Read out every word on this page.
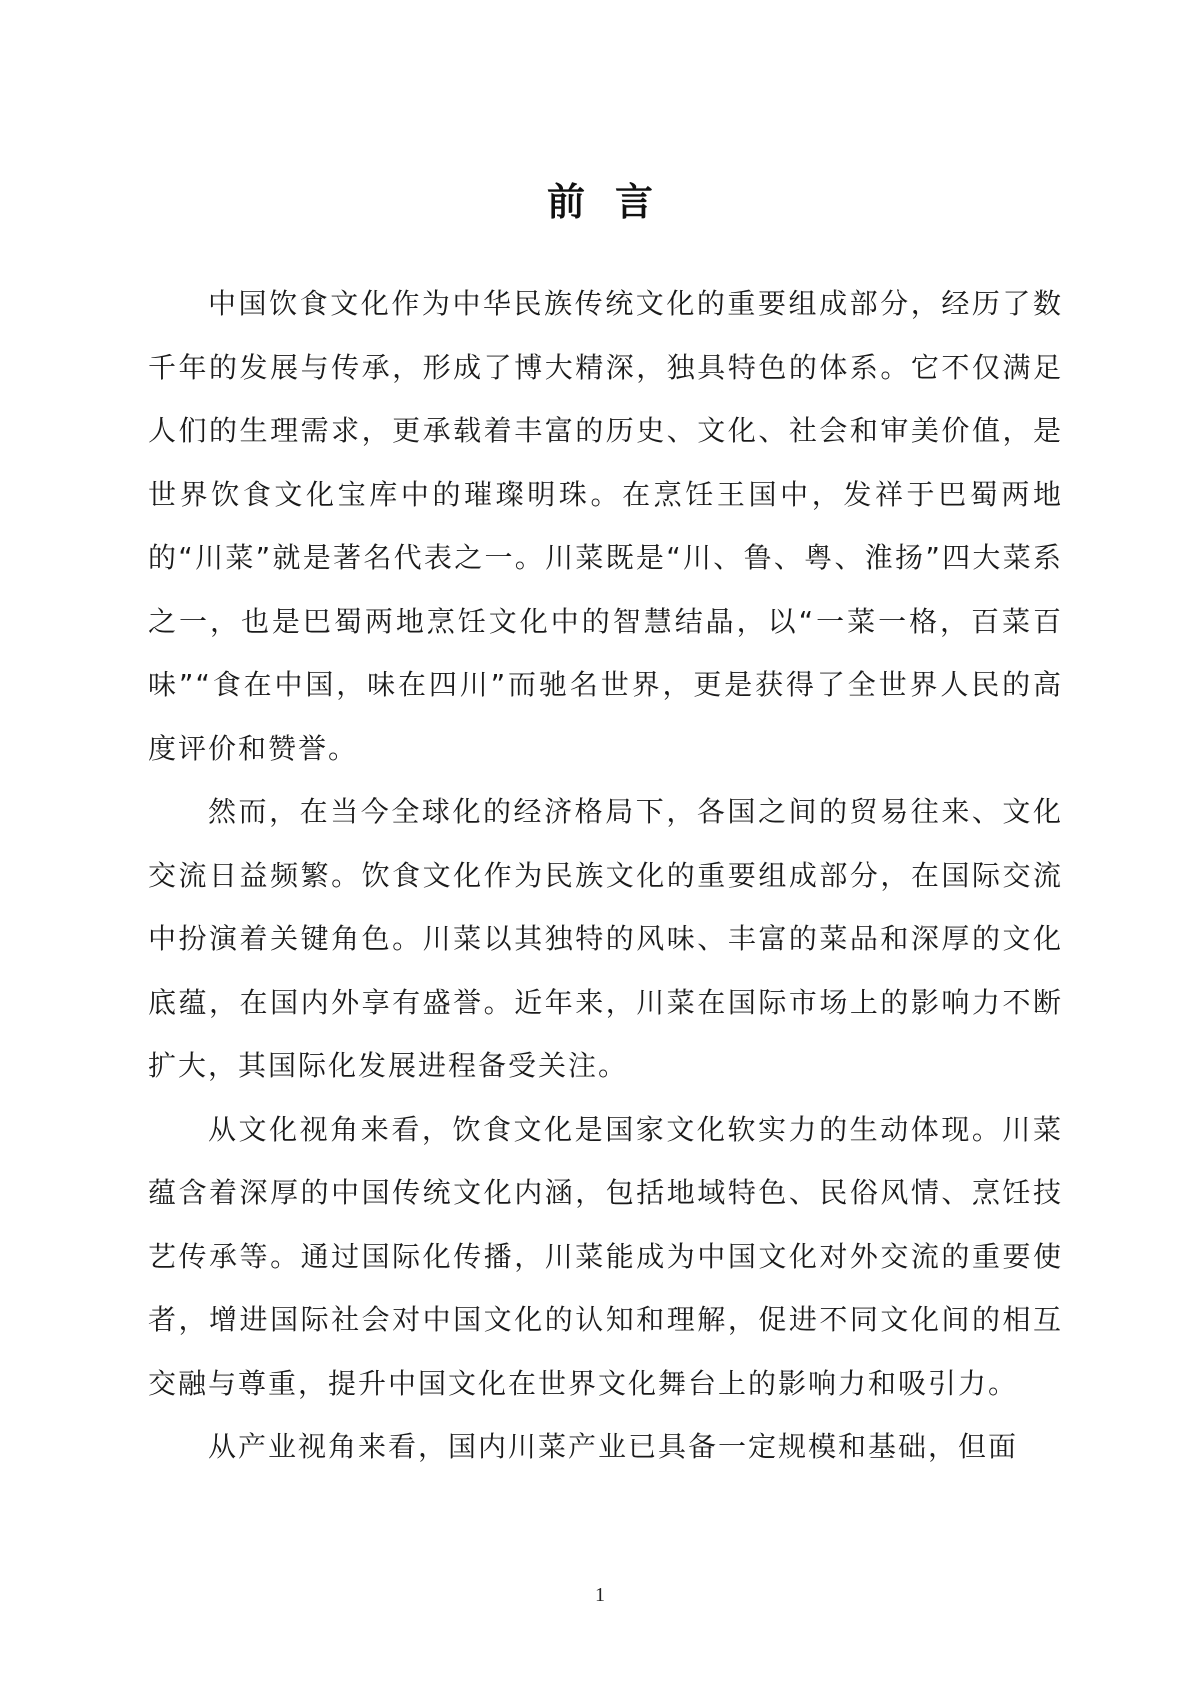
前言

中国饮食文化作为中华民族传统文化的重要组成部分，经历了数千年的发展与传承，形成了博大精深，独具特色的体系。它不仅满足人们的生理需求，更承载着丰富的历史、文化、社会和审美价值，是世界饮食文化宝库中的璀璨明珠。在烹饪王国中，发祥于巴蜀两地的“川菜”就是著名代表之一。川菜既是“川、鲁、粤、淮扬”四大菜系之一，也是巴蜀两地烹饪文化中的智慧结晶，以“一菜一格，百菜百味”“食在中国，味在四川”而驰名世界，更是获得了全世界人民的高度评价和赞誉。

然而，在当今全球化的经济格局下，各国之间的贸易往来、文化交流日益频繁。饮食文化作为民族文化的重要组成部分，在国际交流中扮演着关键角色。川菜以其独特的风味、丰富的菜品和深厚的文化底蕴，在国内外享有盛誉。近年来，川菜在国际市场上的影响力不断扩大，其国际化发展进程备受关注。

从文化视角来看，饮食文化是国家文化软实力的生动体现。川菜蕴含着深厚的中国传统文化内涵，包括地域特色、民俗风情、烹饪技艺传承等。通过国际化传播，川菜能成为中国文化对外交流的重要使者，增进国际社会对中国文化的认知和理解，促进不同文化间的相互交融与尊重，提升中国文化在世界文化舞台上的影响力和吸引力。

从产业视角来看，国内川菜产业已具备一定规模和基础，但面

1
